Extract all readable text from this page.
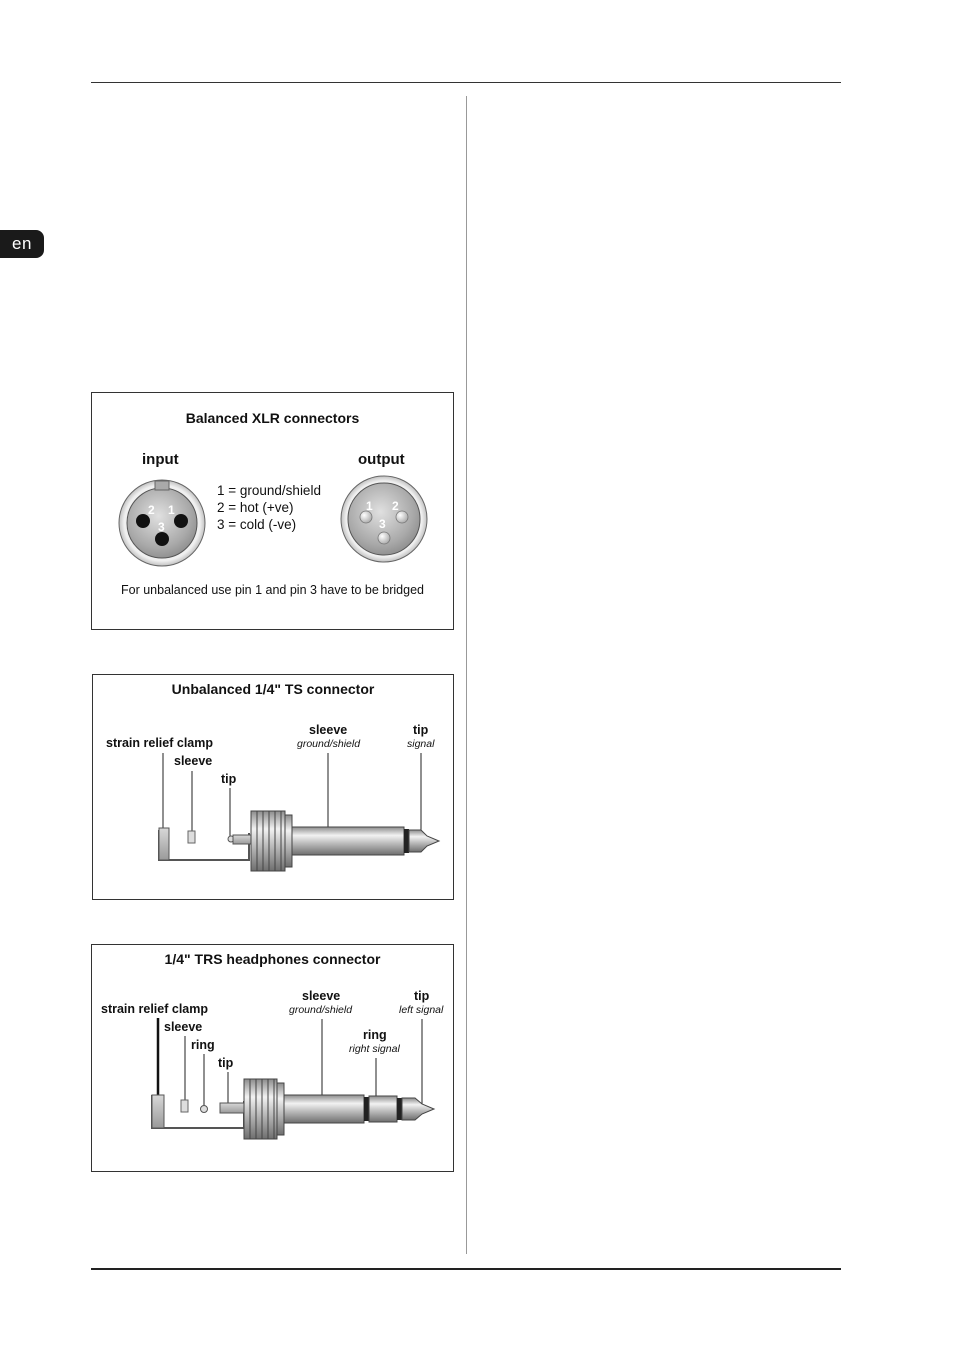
en
Balanced XLR connectors
input	output
2 1
3
1 2
3
1 = ground/shield
2 = hot (+ve)
3 = cold (-ve)
For unbalanced use pin 1 and pin 3 have to be bridged
Unbalanced 1/4" TS connector
strain relief clamp
sleeve
tip
sleeve
ground/shield
tip
signal
1/4" TRS headphones connector
strain relief clamp
sleeve
ring
tip
sleeve
ground/shield
ring
right signal
tip
left signal
